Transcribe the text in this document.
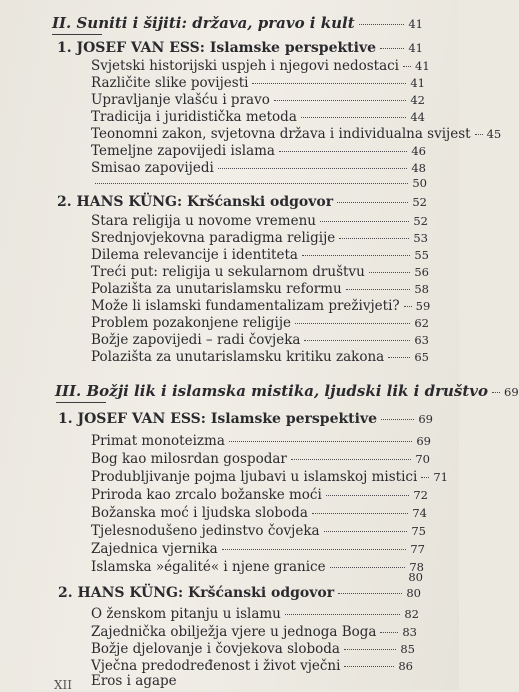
II. Suniti i šijiti: država, pravo i kult	41
1. JOSEF VAN ESS: Islamske perspektive	41
Svjetski historijski uspjeh i njegovi nedostaci 41
Različite slike povijesti	41
Upravljanje vlašću i pravo	42
Tradicija i juridistička metoda	44
Teonomni zakon, svjetovna država i individualna svijest 45
Temeljne zapovijedi islama	46
Smisao zapovijedi	48
50
2. HANS KÜNG: Kršćanski odgovor	52
Stara religija u novome vremenu	52
Srednjovjekovna paradigma religije	53
Dilema relevancije i identiteta	55
Treći put: religija u sekularnom društvu	56
Polazišta za unutarislamsku reformu	58
Može li islamski fundamentalizam preživjeti? 59
Problem pozakonjene religije	62
Božje zapovijedi – radi čovjeka	63
Polazišta za unutarislamsku kritiku zakona	65
III. Božji lik i islamska mistika, ljudski lik i društvo 69
1. JOSEF VAN ESS: Islamske perspektive	69
Primat monoteizma	69
Bog kao milosrdan gospodar	70
Produbljivanje pojma ljubavi u islamskoj mistici 71
Priroda kao zrcalo božanske moći	72
Božanska moć i ljudska sloboda	74
Tjelesnodušeno jedinstvo čovjeka	75
Zajednica vjernika	77
Islamska »égalité« i njene granice	78
80
2. HANS KÜNG: Kršćanski odgovor	80
O ženskom pitanju u islamu	82
Zajednička obilježja vjere u jednoga Boga 83
Božje djelovanje i čovjekova sloboda	85
Vječna predodređenost i život vječni	86
Eros i agape
XII
